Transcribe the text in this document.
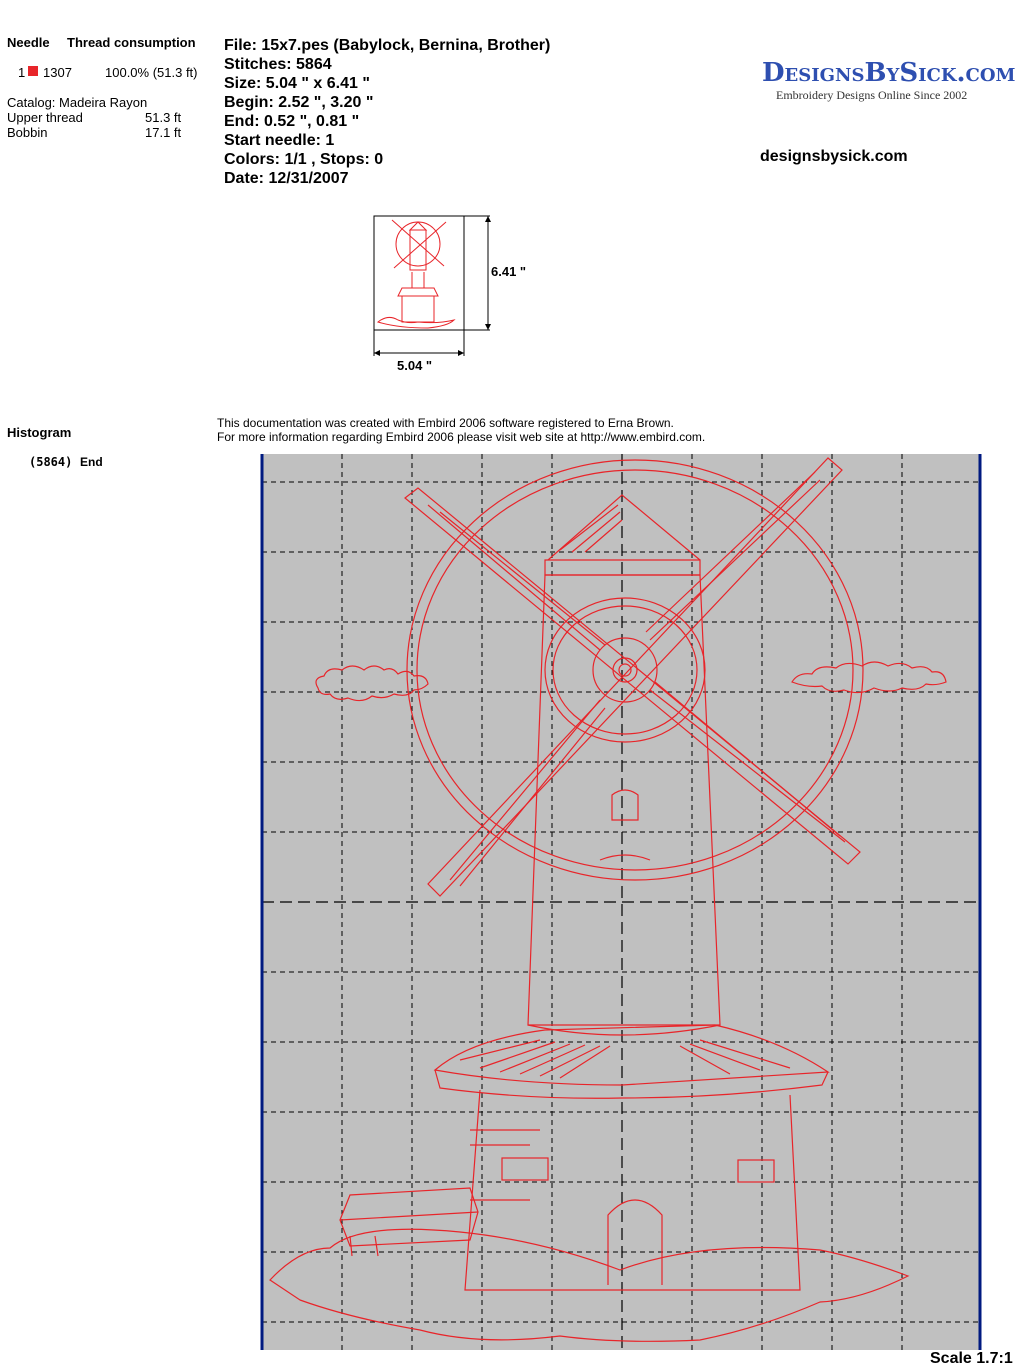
Needle Thread consumption
1 1307	100.0% (51.3 ft)
Catalog: Madeira Rayon
Upper thread	51.3 ft
Bobbin	17.1 ft
File: 15x7.pes (Babylock, Bernina, Brother)
Stitches: 5864
Size: 5.04 " x 6.41 "
Begin: 2.52 ", 3.20 "
End: 0.52 ", 0.81 "
Start needle: 1
Colors: 1/1 , Stops: 0
Date: 12/31/2007
DesignsBySick.com
Embroidery Designs Online Since 2002
designsbysick.com
6.41 "
5.04 "
Histogram
(5864) End
This documentation was created with Embird 2006 software registered to Erna Brown.
For more information regarding Embird 2006 please visit web site at http://www.embird.com.
Scale 1.7:1
